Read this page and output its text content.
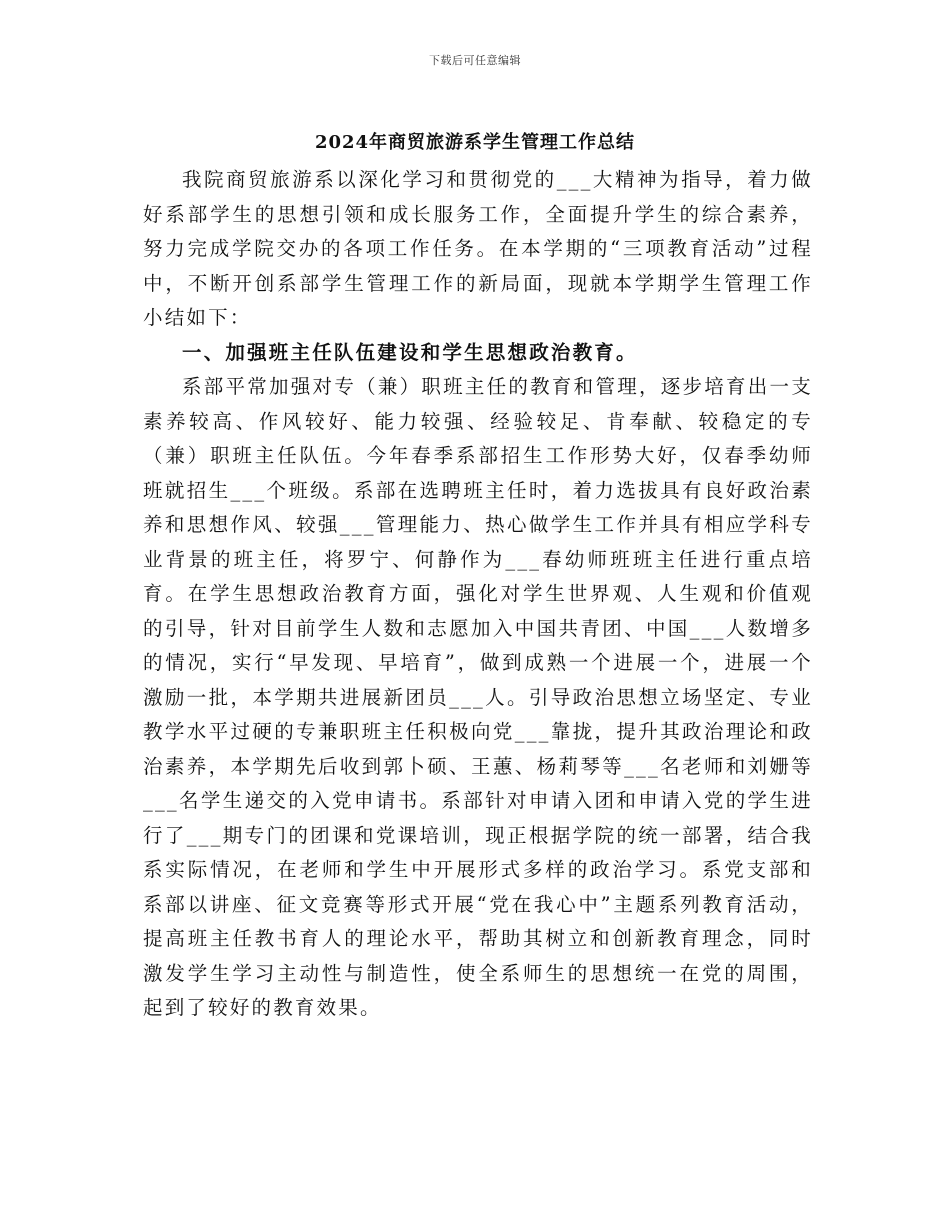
下载后可任意编辑
2024年商贸旅游系学生管理工作总结

我院商贸旅游系以深化学习和贯彻党的___大精神为指导，着力做好系部学生的思想引领和成长服务工作，全面提升学生的综合素养，努力完成学院交办的各项工作任务。在本学期的“三项教育活动”过程中，不断开创系部学生管理工作的新局面，现就本学期学生管理工作小结如下：

一、加强班主任队伍建设和学生思想政治教育。

系部平常加强对专（兼）职班主任的教育和管理，逐步培育出一支素养较高、作风较好、能力较强、经验较足、肯奉献、较稳定的专（兼）职班主任队伍。今年春季系部招生工作形势大好，仅春季幼师班就招生___个班级。系部在选聘班主任时，着力选拔具有良好政治素养和思想作风、较强___管理能力、热心做学生工作并具有相应学科专业背景的班主任，将罗宁、何静作为___春幼师班班主任进行重点培育。在学生思想政治教育方面，强化对学生世界观、人生观和价值观的引导，针对目前学生人数和志愿加入中国共青团、中国___人数增多的情况，实行“早发现、早培育”，做到成熟一个进展一个，进展一个激励一批，本学期共进展新团员___人。引导政治思想立场坚定、专业教学水平过硬的专兼职班主任积极向党___靠拢，提升其政治理论和政治素养，本学期先后收到郭卜硕、王蕙、杨莉琴等___名老师和刘姗等___名学生递交的入党申请书。系部针对申请入团和申请入党的学生进行了___期专门的团课和党课培训，现正根据学院的统一部署，结合我系实际情况，在老师和学生中开展形式多样的政治学习。系党支部和系部以讲座、征文竞赛等形式开展“党在我心中”主题系列教育活动，提高班主任教书育人的理论水平，帮助其树立和创新教育理念，同时激发学生学习主动性与制造性，使全系师生的思想统一在党的周围，起到了较好的教育效果。
